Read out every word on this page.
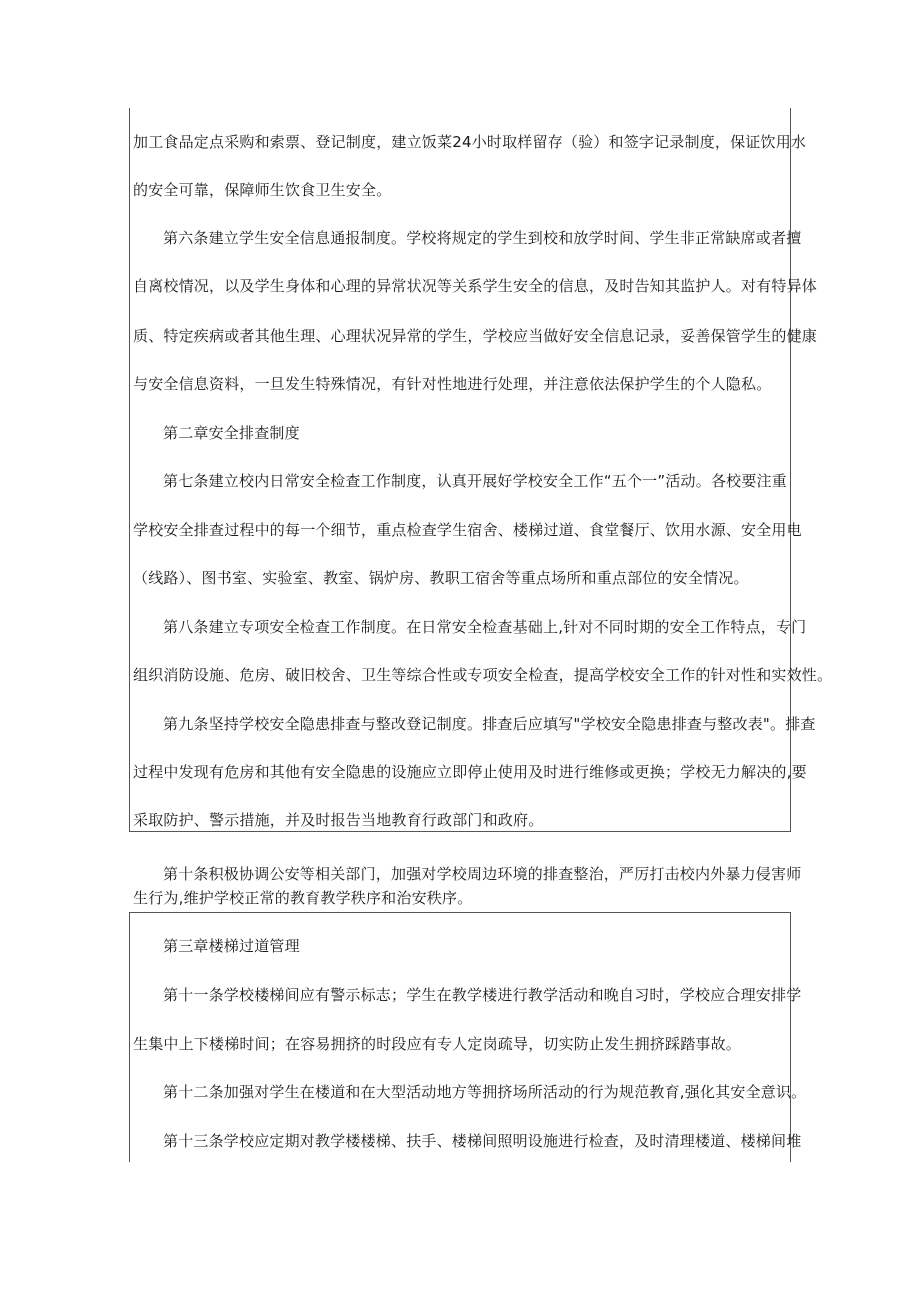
加工食品定点采购和索票、登记制度，建立饭菜24小时取样留存（验）和签字记录制度，保证饮用水
的安全可靠，保障师生饮食卫生安全。
第六条建立学生安全信息通报制度。学校将规定的学生到校和放学时间、学生非正常缺席或者擅
自离校情况，以及学生身体和心理的异常状况等关系学生安全的信息，及时告知其监护人。对有特异体
质、特定疾病或者其他生理、心理状况异常的学生，学校应当做好安全信息记录，妥善保管学生的健康
与安全信息资料，一旦发生特殊情况，有针对性地进行处理，并注意依法保护学生的个人隐私。
第二章安全排查制度
第七条建立校内日常安全检查工作制度，认真开展好学校安全工作“五个一”活动。各校要注重
学校安全排查过程中的每一个细节，重点检查学生宿舍、楼梯过道、食堂餐厅、饮用水源、安全用电
（线路）、图书室、实验室、教室、锅炉房、教职工宿舍等重点场所和重点部位的安全情况。
第八条建立专项安全检查工作制度。在日常安全检查基础上,针对不同时期的安全工作特点，专门
组织消防设施、危房、破旧校舍、卫生等综合性或专项安全检查，提高学校安全工作的针对性和实效性。
第九条坚持学校安全隐患排查与整改登记制度。排查后应填写"学校安全隐患排查与整改表"。排查
过程中发现有危房和其他有安全隐患的设施应立即停止使用及时进行维修或更换；学校无力解决的,要
采取防护、警示措施，并及时报告当地教育行政部门和政府。
第十条积极协调公安等相关部门，加强对学校周边环境的排查整治，严厉打击校内外暴力侵害师
生行为,维护学校正常的教育教学秩序和治安秩序。
第三章楼梯过道管理
第十一条学校楼梯间应有警示标志；学生在教学楼进行教学活动和晚自习时，学校应合理安排学
生集中上下楼梯时间；在容易拥挤的时段应有专人定岗疏导，切实防止发生拥挤踩踏事故。
第十二条加强对学生在楼道和在大型活动地方等拥挤场所活动的行为规范教育,强化其安全意识。
第十三条学校应定期对教学楼楼梯、扶手、楼梯间照明设施进行检查，及时清理楼道、楼梯间堆
